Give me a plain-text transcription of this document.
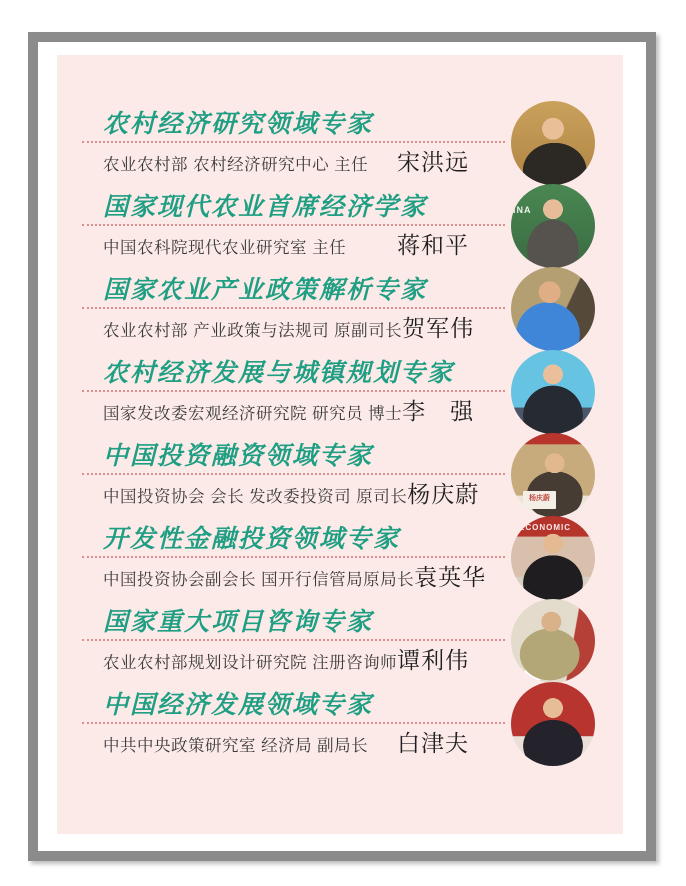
农村经济研究领域专家
农业农村部 农村经济研究中心 主任	宋洪远
国家现代农业首席经济学家
中国农科院现代农业研究室 主任	蒋和平
INA
国家农业产业政策解析专家
农业农村部 产业政策与法规司 原副司长 贺军伟
农村经济发展与城镇规划专家
国家发改委宏观经济研究院 研究员 博士 李　强
中国投资融资领域专家
中国投资协会 会长 发改委投资司 原司长 杨庆蔚	杨庆蔚
开发性金融投资领域专家
中国投资协会副会长 国开行信管局原局长 袁英华
ECONOMIC
国家重大项目咨询专家
农业农村部规划设计研究院 注册咨询师 谭利伟
中国经济发展领域专家
中共中央政策研究室 经济局 副局长	白津夫
